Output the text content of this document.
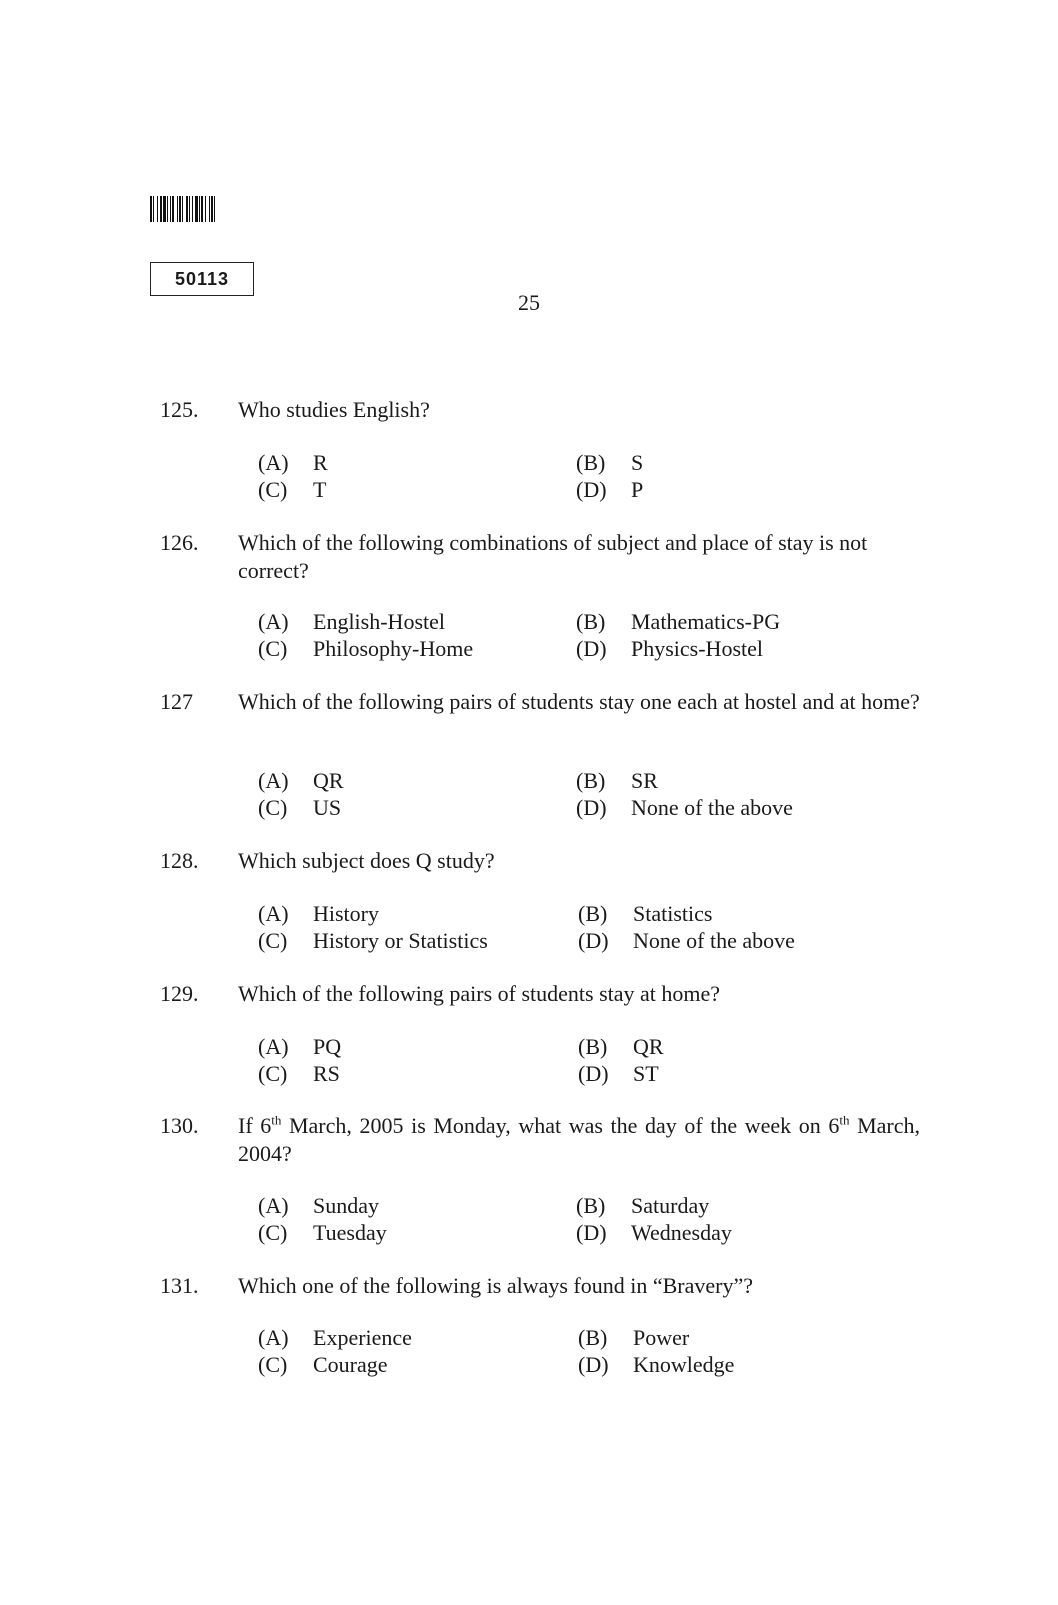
50113
25
125.	Who studies English?
(A) R	(B) S
(C) T	(D) P
126.	Which of the following combinations of subject and place of stay is not correct?
(A) English-Hostel	(B) Mathematics-PG
(C) Philosophy-Home	(D) Physics-Hostel
127	Which of the following pairs of students stay one each at hostel and at home?
(A) QR	(B) SR
(C) US	(D) None of the above
128.	Which subject does Q study?
(A) History	(B) Statistics
(C) History or Statistics	(D) None of the above
129.	Which of the following pairs of students stay at home?
(A) PQ	(B) QR
(C) RS	(D) ST
130.	If 6th March, 2005 is Monday, what was the day of the week on 6th March, 2004?
(A) Sunday	(B) Saturday
(C) Tuesday	(D) Wednesday
131.	Which one of the following is always found in “Bravery”?
(A) Experience	(B) Power
(C) Courage	(D) Knowledge
